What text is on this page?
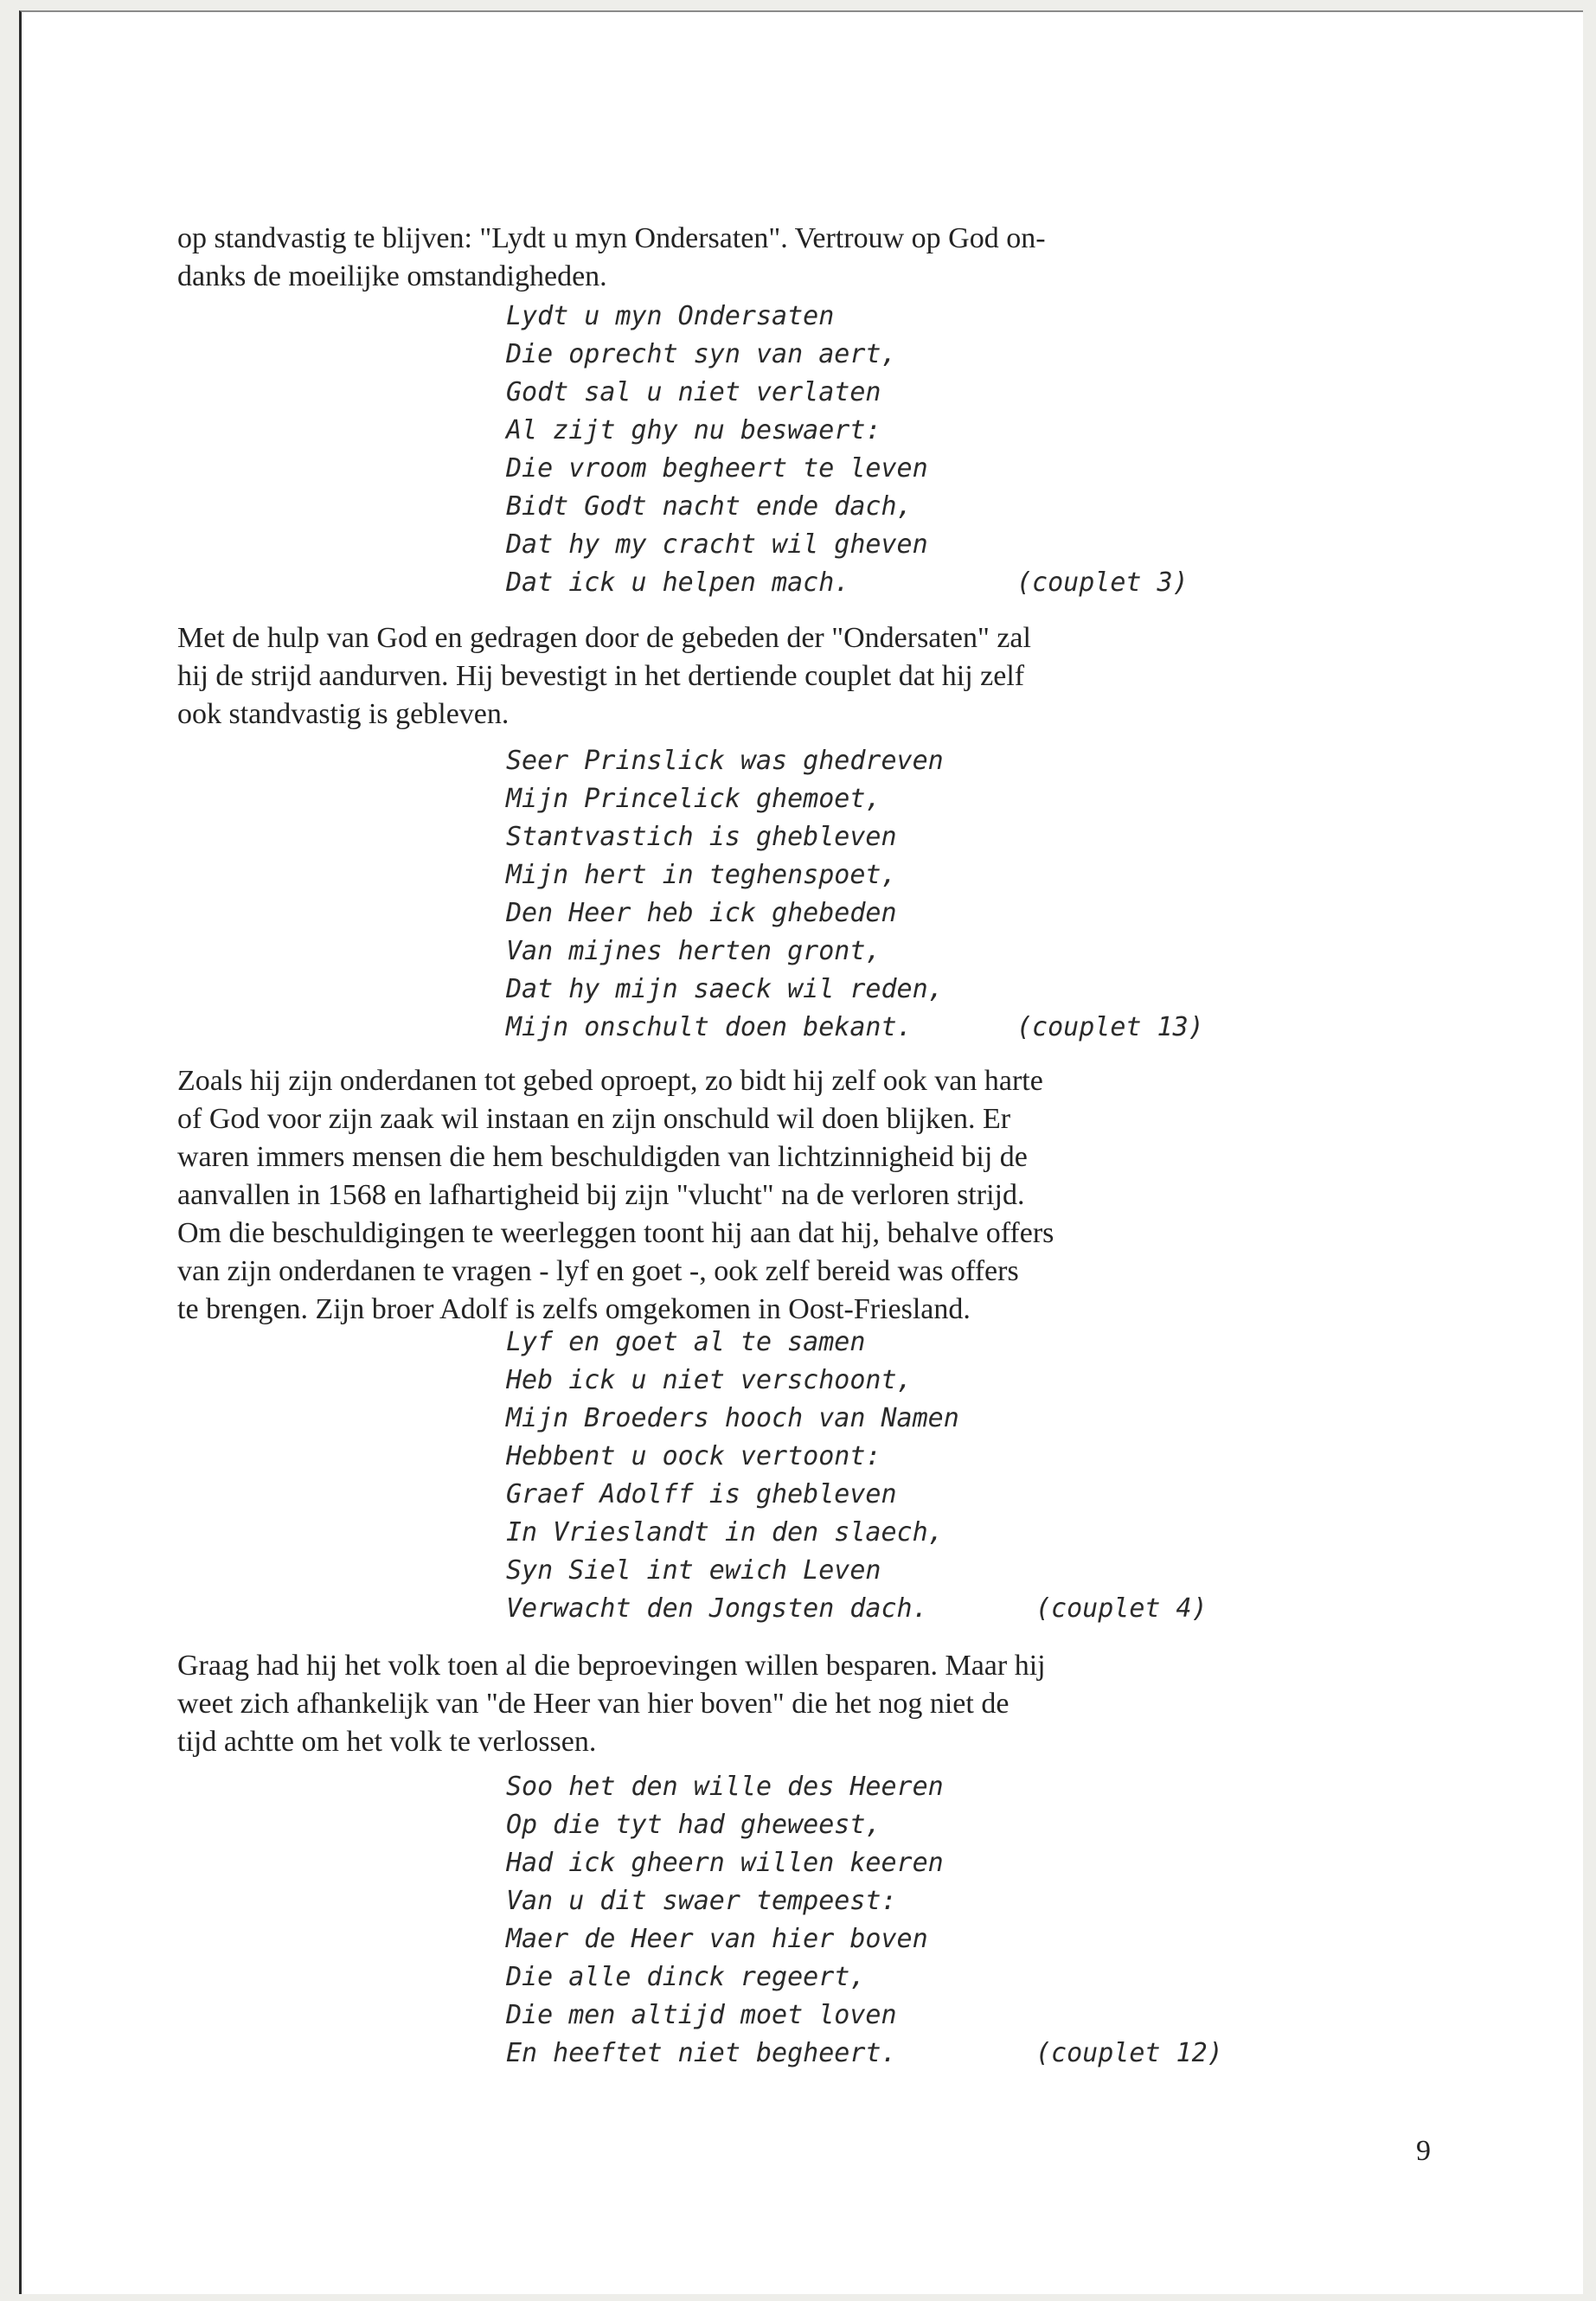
op standvastig te blijven: "Lydt u myn Ondersaten". Vertrouw op God on-
danks de moeilijke omstandigheden.
Lydt u myn Ondersaten
Die oprecht syn van aert,
Godt sal u niet verlaten
Al zijt ghy nu beswaert:
Die vroom begheert te leven
Bidt Godt nacht ende dach,
Dat hy my cracht wil gheven
Dat ick u helpen mach.	(couplet 3)
Met de hulp van God en gedragen door de gebeden der "Ondersaten" zal
hij de strijd aandurven. Hij bevestigt in het dertiende couplet dat hij zelf
ook standvastig is gebleven.
Seer Prinslick was ghedreven
Mijn Princelick ghemoet,
Stantvastich is ghebleven
Mijn hert in teghenspoet,
Den Heer heb ick ghebeden
Van mijnes herten gront,
Dat hy mijn saeck wil reden,
Mijn onschult doen bekant.	(couplet 13)
Zoals hij zijn onderdanen tot gebed oproept, zo bidt hij zelf ook van harte
of God voor zijn zaak wil instaan en zijn onschuld wil doen blijken. Er
waren immers mensen die hem beschuldigden van lichtzinnigheid bij de
aanvallen in 1568 en lafhartigheid bij zijn "vlucht" na de verloren strijd.
Om die beschuldigingen te weerleggen toont hij aan dat hij, behalve offers
van zijn onderdanen te vragen - lyf en goet -, ook zelf bereid was offers
te brengen. Zijn broer Adolf is zelfs omgekomen in Oost-Friesland.
Lyf en goet al te samen
Heb ick u niet verschoont,
Mijn Broeders hooch van Namen
Hebbent u oock vertoont:
Graef Adolff is ghebleven
In Vrieslandt in den slaech,
Syn Siel int ewich Leven
Verwacht den Jongsten dach.	(couplet 4)
Graag had hij het volk toen al die beproevingen willen besparen. Maar hij
weet zich afhankelijk van "de Heer van hier boven" die het nog niet de
tijd achtte om het volk te verlossen.
Soo het den wille des Heeren
Op die tyt had gheweest,
Had ick gheern willen keeren
Van u dit swaer tempeest:
Maer de Heer van hier boven
Die alle dinck regeert,
Die men altijd moet loven
En heeftet niet begheert.	(couplet 12)
9
